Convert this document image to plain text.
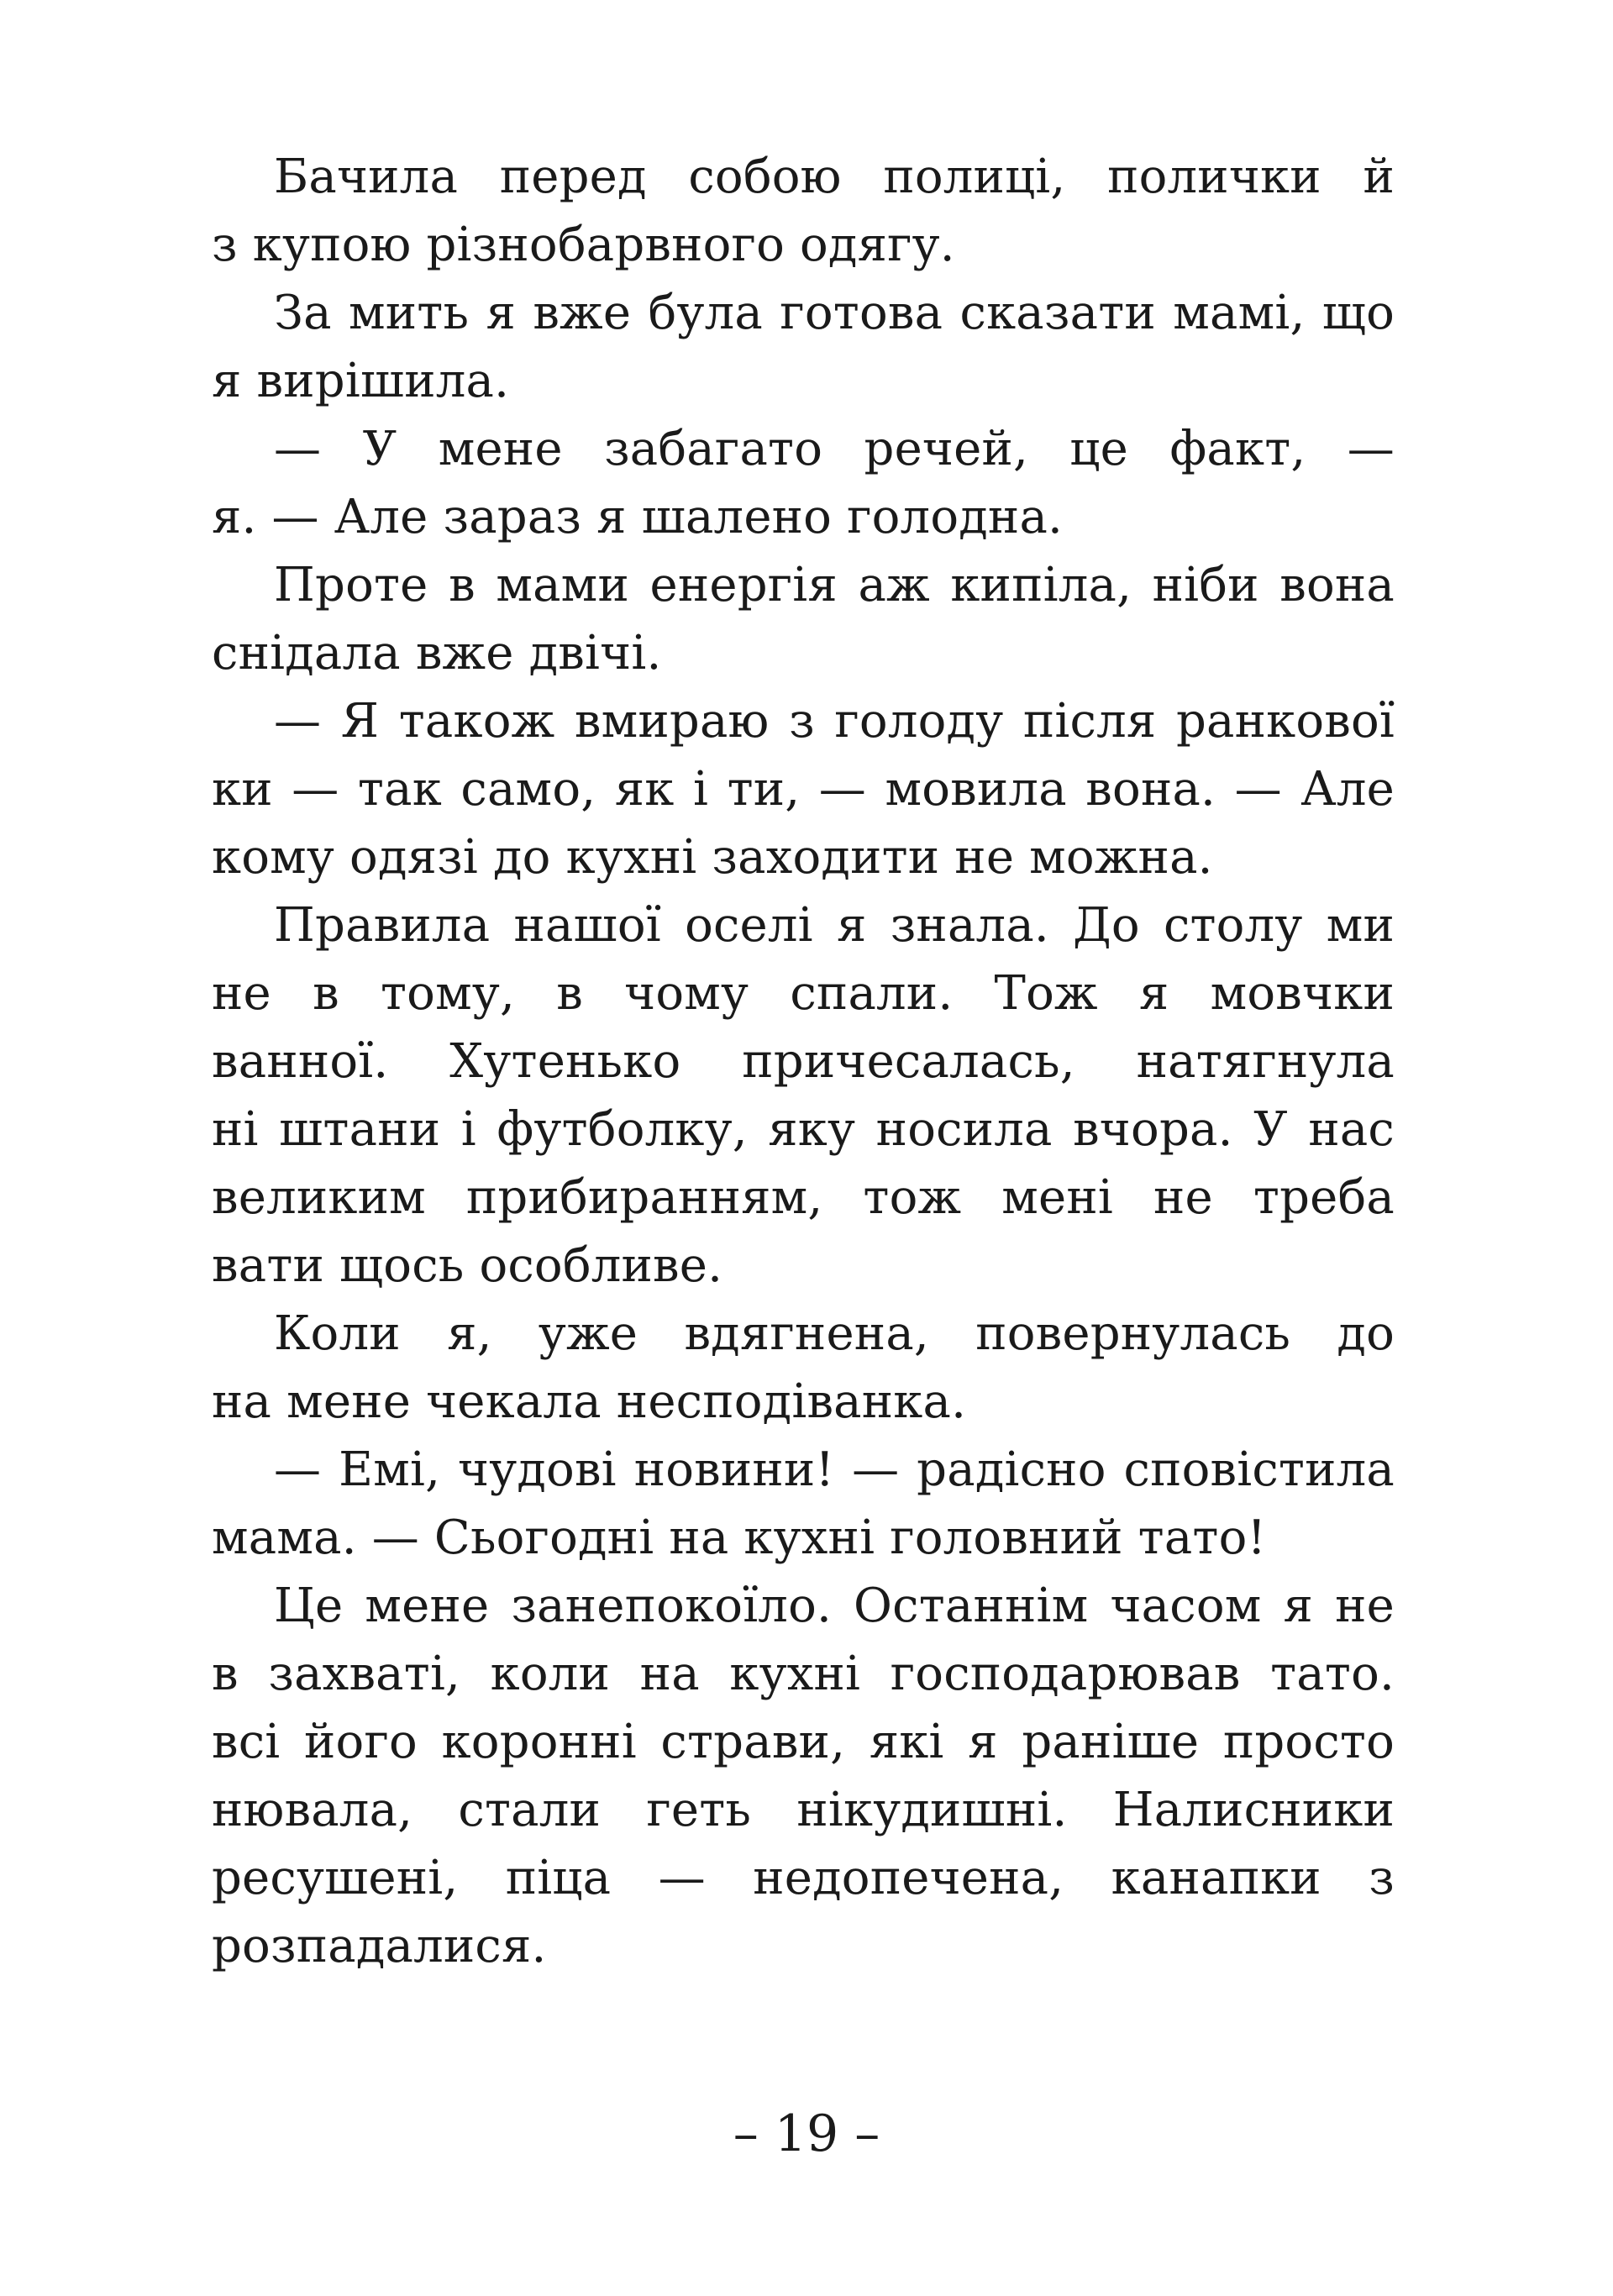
Бачила перед собою полиці, полички й
з купою різнобарвного одягу.
За мить я вже була готова сказати мамі, що
я вирішила.
— У мене забагато речей, це факт, —
я. — Але зараз я шалено голодна.
Проте в мами енергія аж кипіла, ніби вона
снідала вже двічі.
— Я також вмираю з голоду після ранкової
ки — так само, як і ти, — мовила вона. — Але
кому одязі до кухні заходити не можна.
Правила нашої оселі я знала. До столу ми
не в тому, в чому спали. Тож я мовчки
ванної. Хутенько причесалась, натягнула
ні штани і футболку, яку носила вчора. У нас
великим прибиранням, тож мені не треба
вати щось особливе.
Коли я, уже вдягнена, повернулась до
на мене чекала несподіванка.
— Емі, чудові новини! — радісно сповістила
мама. — Сьогодні на кухні головний тато!
Це мене занепокоїло. Останнім часом я не
в захваті, коли на кухні господарював тато.
всі його коронні страви, які я раніше просто
нювала, стали геть нікудишні. Налисники
ресушені, піца — недопечена, канапки з
розпадалися.
– 19 –
